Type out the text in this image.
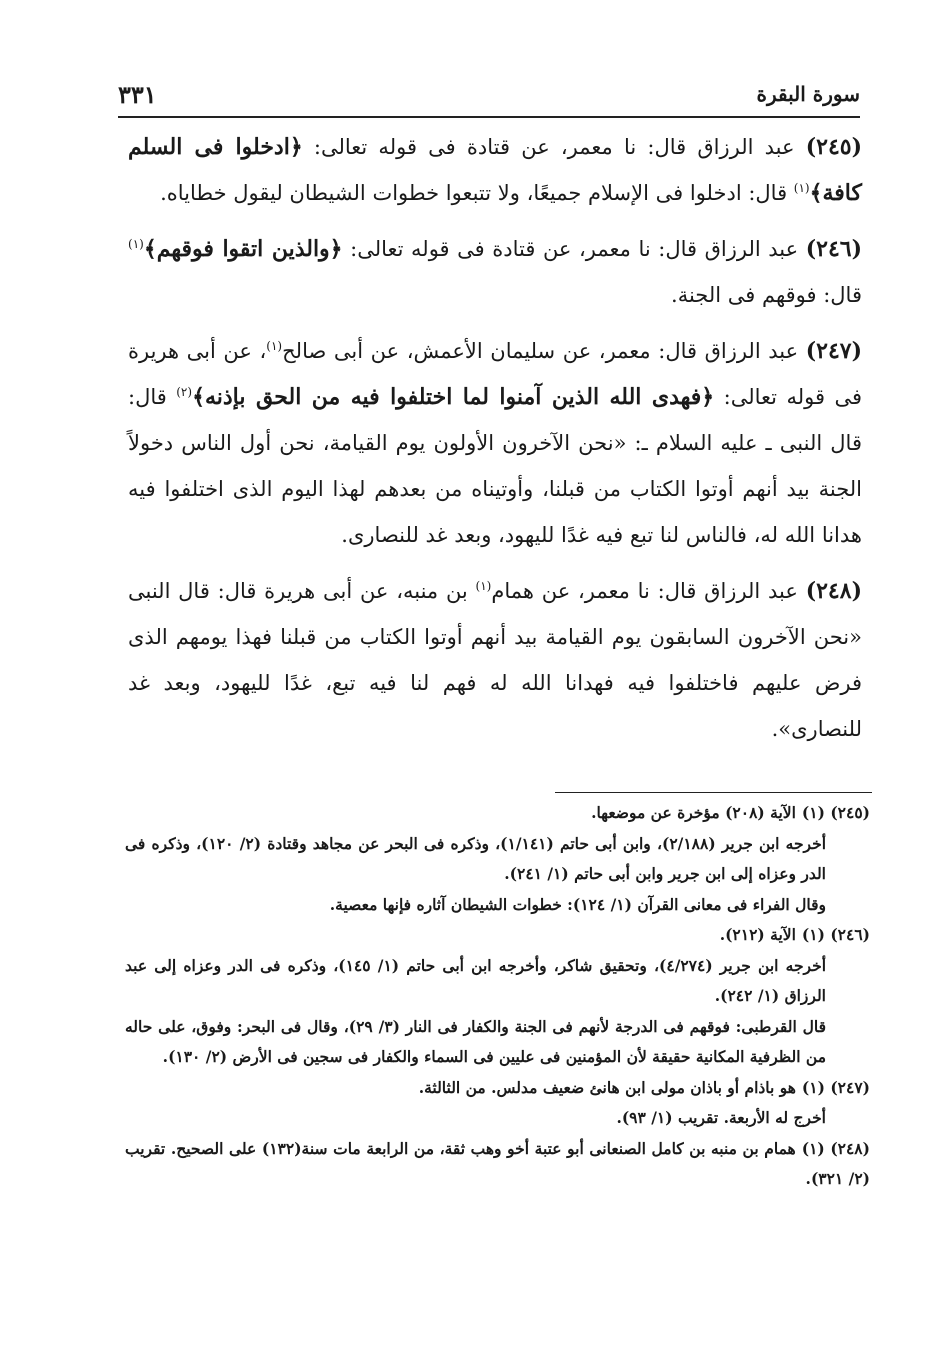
سورة البقرة
٣٣١

(٢٤٥) عبد الرزاق قال: نا معمر، عن قتادة فى قوله تعالى: ﴿ادخلوا فى السلم كافة﴾$^{(١)}$ قال: ادخلوا فى الإسلام جميعًا، ولا تتبعوا خطوات الشيطان ليقول خطاياه.

(٢٤٦) عبد الرزاق قال: نا معمر، عن قتادة فى قوله تعالى: ﴿والذين اتقوا فوقهم﴾$^{(١)}$ قال: فوقهم فى الجنة.

(٢٤٧) عبد الرزاق قال: معمر، عن سليمان الأعمش، عن أبى صالح$^{(١)}$، عن أبى هريرة فى قوله تعالى: ﴿فهدى الله الذين آمنوا لما اختلفوا فيه من الحق بإذنه﴾$^{(٢)}$ قال: قال النبى ـ عليه السلام ـ: «نحن الآخرون الأولون يوم القيامة، نحن أول الناس دخولاً الجنة بيد أنهم أوتوا الكتاب من قبلنا، وأوتيناه من بعدهم لهذا اليوم الذى اختلفوا فيه هدانا الله له، فالناس لنا تبع فيه غدًا لليهود، وبعد غد للنصارى.

(٢٤٨) عبد الرزاق قال: نا معمر، عن همام$^{(١)}$ بن منبه، عن أبى هريرة قال: قال النبى «نحن الآخرون السابقون يوم القيامة بيد أنهم أوتوا الكتاب من قبلنا فهذا يومهم الذى فرض عليهم فاختلفوا فيه فهدانا الله له فهم لنا فيه تبع، غدًا لليهود، وبعد غد للنصارى».

(٢٤٥) (١)الآية (٢٠٨) مؤخرة عن موضعها.
أخرجه ابن جرير (٢/١٨٨)، وابن أبى حاتم (١/١٤١)، وذكره فى البحر عن مجاهد وقتادة (٢/ ١٢٠)، وذكره فى الدر وعزاه إلى ابن جرير وابن أبى حاتم (١/ ٢٤١).
وقال الفراء فى معانى القرآن (١/ ١٢٤): خطوات الشيطان آثاره فإنها معصية.

(٢٤٦) (١)الآية (٢١٢).
أخرجه ابن جرير (٤/٢٧٤)، وتحقيق شاكر، وأخرجه ابن أبى حاتم (١/ ١٤٥)، وذكره فى الدر وعزاه إلى عبد الرزاق (١/ ٢٤٢).
قال القرطبى: فوقهم فى الدرجة لأنهم فى الجنة والكفار فى النار (٣/ ٢٩)، وقال فى البحر: وفوق، على حاله من الظرفية المكانية حقيقة لأن المؤمنين فى عليين فى السماء والكفار فى سجين فى الأرض (٢/ ١٣٠).

(٢٤٧) (١)هو باذام أو باذان مولى ابن هانئ ضعيف مدلس. من الثالثة.
أخرج له الأربعة. تقريب (١/ ٩٣).

(٢٤٨) (١)همام بن منبه بن كامل الصنعانى أبو عتبة أخو وهب ثقة، من الرابعة مات سنة(١٣٢) على الصحيح. تقريب (٢/ ٣٢١).
